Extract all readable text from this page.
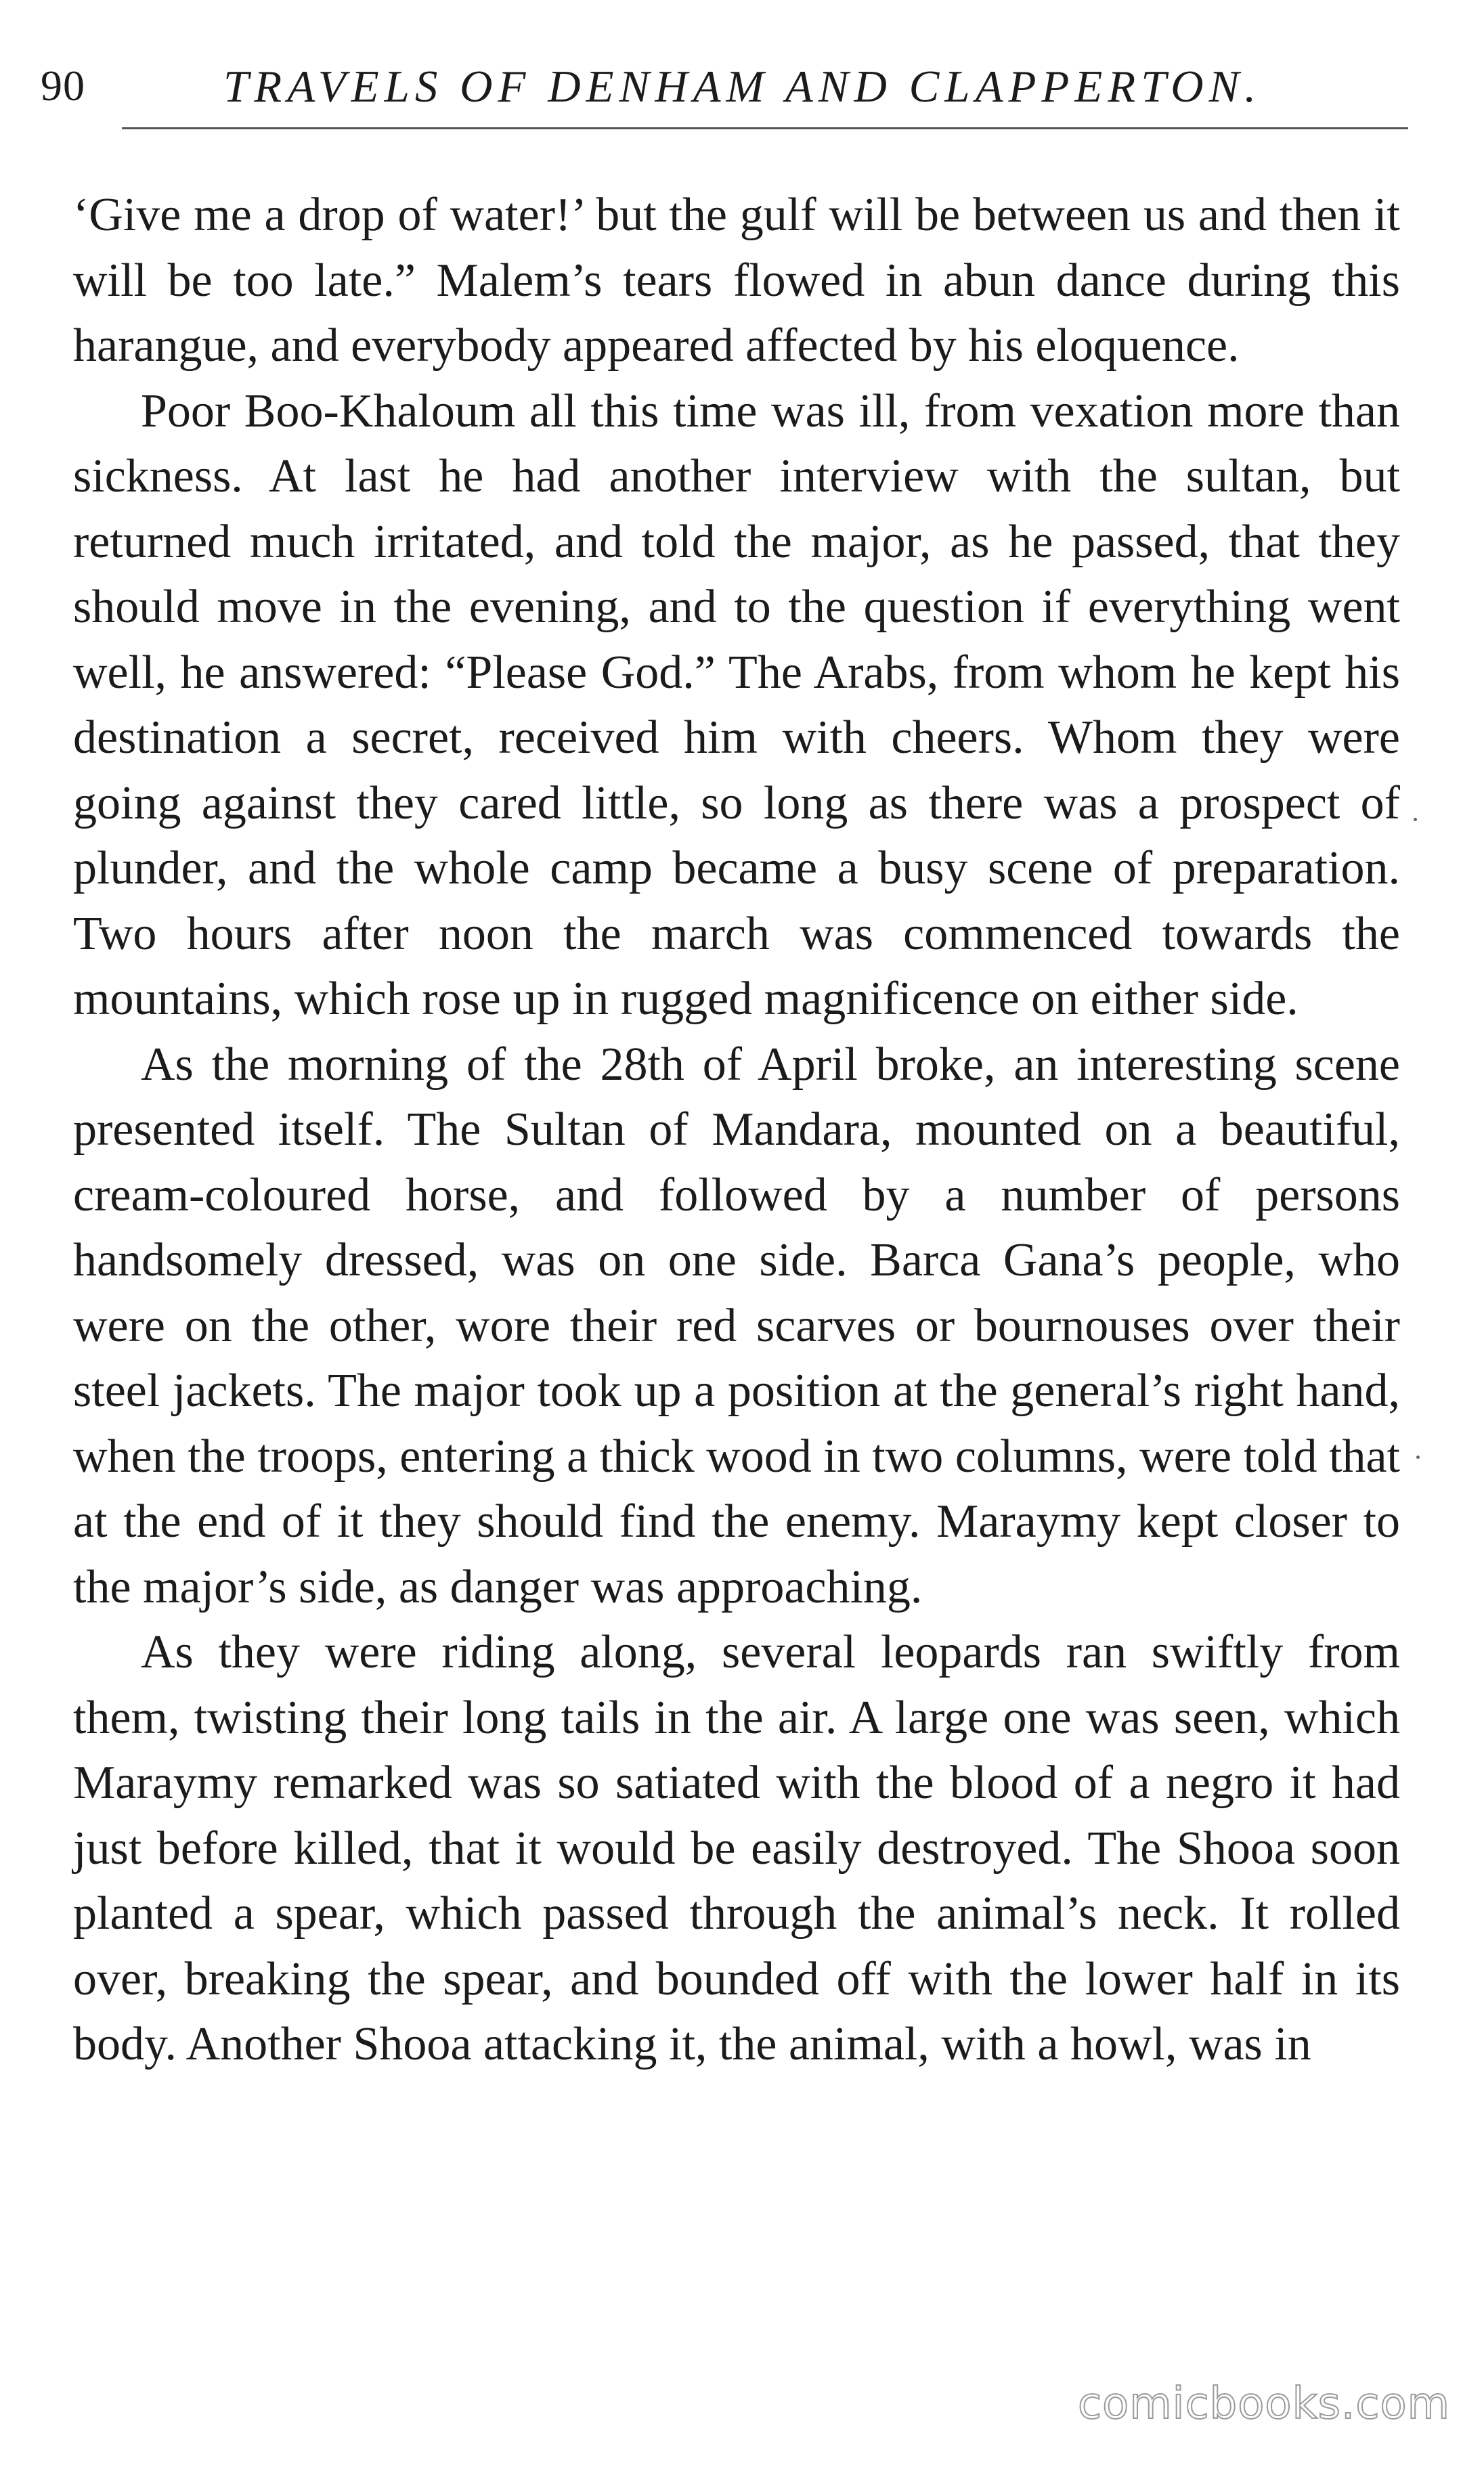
90	TRAVELS OF DENHAM AND CLAPPERTON.

‘Give me a drop of water!’ but the gulf will be between us and then it will be too late.” Malem’s tears flowed in abun dance during this harangue, and everybody appeared affected by his eloquence.

Poor Boo-Khaloum all this time was ill, from vexation more than sickness. At last he had another interview with the sultan, but returned much irritated, and told the major, as he passed, that they should move in the evening, and to the question if everything went well, he answered: “Please God.” The Arabs, from whom he kept his destination a secret, received him with cheers. Whom they were going against they cared little, so long as there was a prospect of plunder, and the whole camp became a busy scene of preparation. Two hours after noon the march was commenced towards the mountains, which rose up in rugged magnificence on either side.

As the morning of the 28th of April broke, an interesting scene presented itself. The Sultan of Mandara, mounted on a beautiful, cream-coloured horse, and followed by a number of persons handsomely dressed, was on one side. Barca Gana’s people, who were on the other, wore their red scarves or bournouses over their steel jackets. The major took up a position at the general’s right hand, when the troops, entering a thick wood in two columns, were told that at the end of it they should find the enemy. Maraymy kept closer to the major’s side, as danger was approaching.

As they were riding along, several leopards ran swiftly from them, twisting their long tails in the air. A large one was seen, which Maraymy remarked was so satiated with the blood of a negro it had just before killed, that it would be easily destroyed. The Shooa soon planted a spear, which passed through the animal’s neck. It rolled over, breaking the spear, and bounded off with the lower half in its body. Another Shooa attacking it, the animal, with a howl, was in

comicbooks.com
